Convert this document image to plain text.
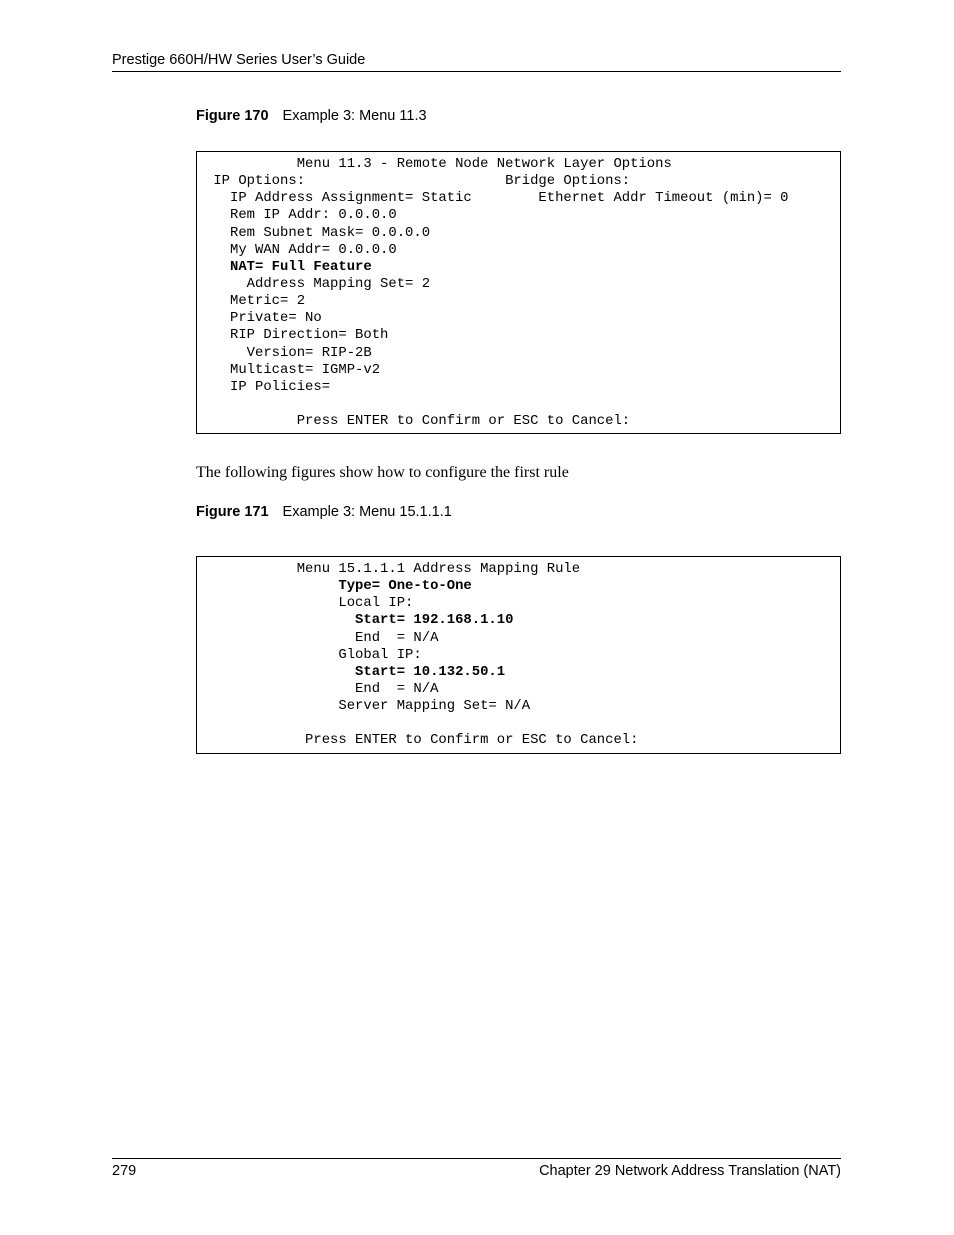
Prestige 660H/HW Series User’s Guide
Figure 170 Example 3: Menu 11.3
Menu 11.3 - Remote Node Network Layer Options
IP Options:                        Bridge Options:
IP Address Assignment= Static        Ethernet Addr Timeout (min)= 0
Rem IP Addr: 0.0.0.0
Rem Subnet Mask= 0.0.0.0
My WAN Addr= 0.0.0.0
NAT= Full Feature
Address Mapping Set= 2
Metric= 2
Private= No
RIP Direction= Both
Version= RIP-2B
Multicast= IGMP-v2
IP Policies=
Press ENTER to Confirm or ESC to Cancel:
The following figures show how to configure the first rule
Figure 171 Example 3: Menu 15.1.1.1
Menu 15.1.1.1 Address Mapping Rule
Type= One-to-One
Local IP:
Start= 192.168.1.10
End  = N/A
Global IP:
Start= 10.132.50.1
End  = N/A
Server Mapping Set= N/A
Press ENTER to Confirm or ESC to Cancel:
279	Chapter 29 Network Address Translation (NAT)
